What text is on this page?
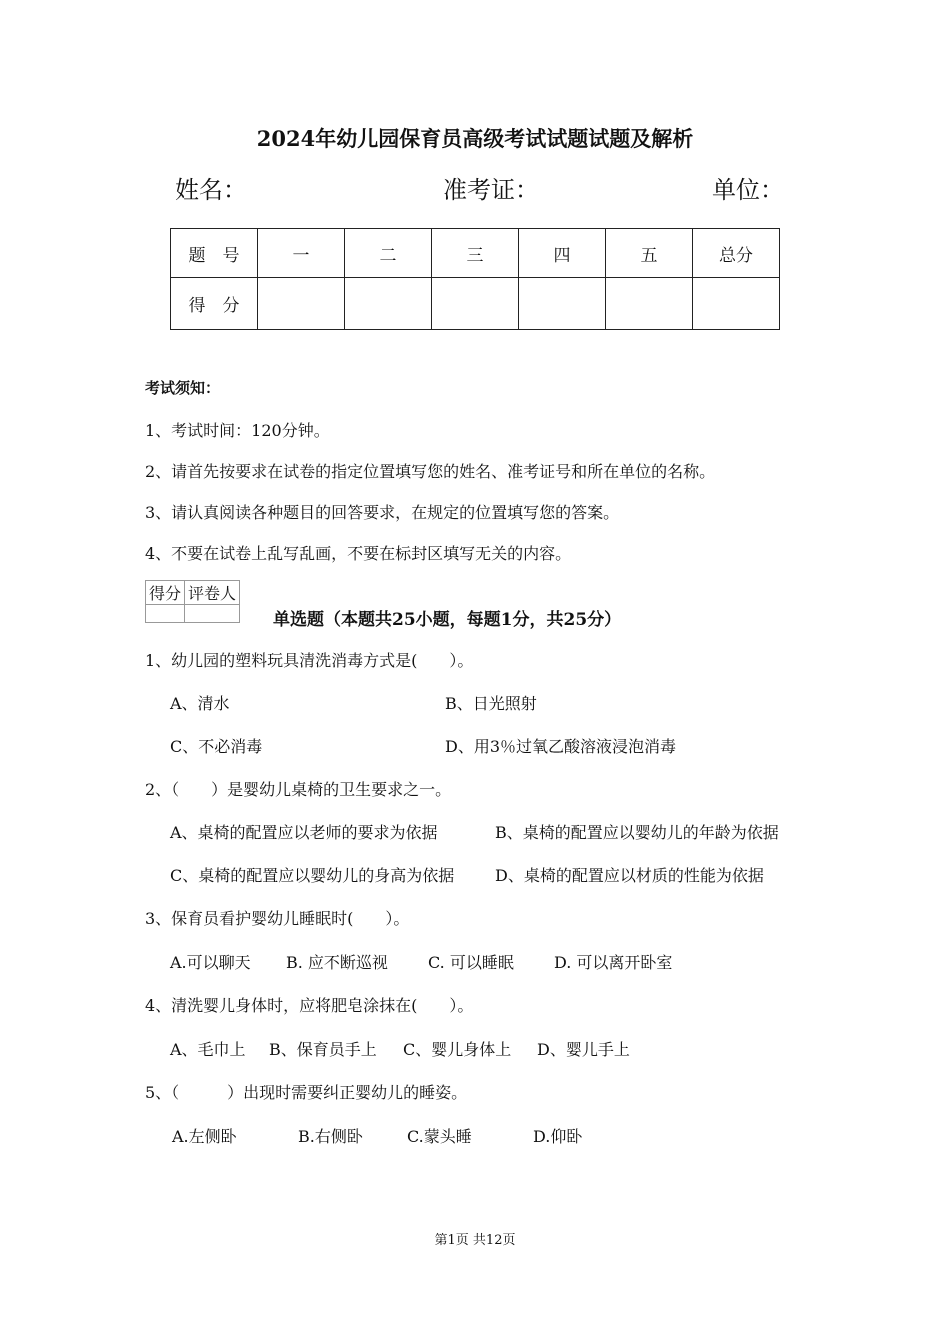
2024年幼儿园保育员高级考试试题试题及解析
姓名：	准考证：	单位：
题　号	一	二	三	四	五	总分
得　分						
考试须知：
1、考试时间：120分钟。
2、请首先按要求在试卷的指定位置填写您的姓名、准考证号和所在单位的名称。
3、请认真阅读各种题目的回答要求，在规定的位置填写您的答案。
4、不要在试卷上乱写乱画，不要在标封区填写无关的内容。
得分	评卷人

单选题（本题共25小题，每题1分，共25分）
1、幼儿园的塑料玩具清洗消毒方式是(　　）。
A、清水	B、日光照射
C、不必消毒	D、用3％过氧乙酸溶液浸泡消毒
2、（　　）是婴幼儿桌椅的卫生要求之一。
A、桌椅的配置应以老师的要求为依据	B、桌椅的配置应以婴幼儿的年龄为依据
C、桌椅的配置应以婴幼儿的身高为依据	D、桌椅的配置应以材质的性能为依据
3、保育员看护婴幼儿睡眠时(　　）。
A.可以聊天 B. 应不断巡视	C. 可以睡眠	D. 可以离开卧室
4、清洗婴儿身体时，应将肥皂涂抹在(　　）。
A、毛巾上 B、保育员手上 C、婴儿身体上 D、婴儿手上
5、（　　　）出现时需要纠正婴幼儿的睡姿。
A.左侧卧	B.右侧卧	C.蒙头睡	D.仰卧
第1页 共12页
